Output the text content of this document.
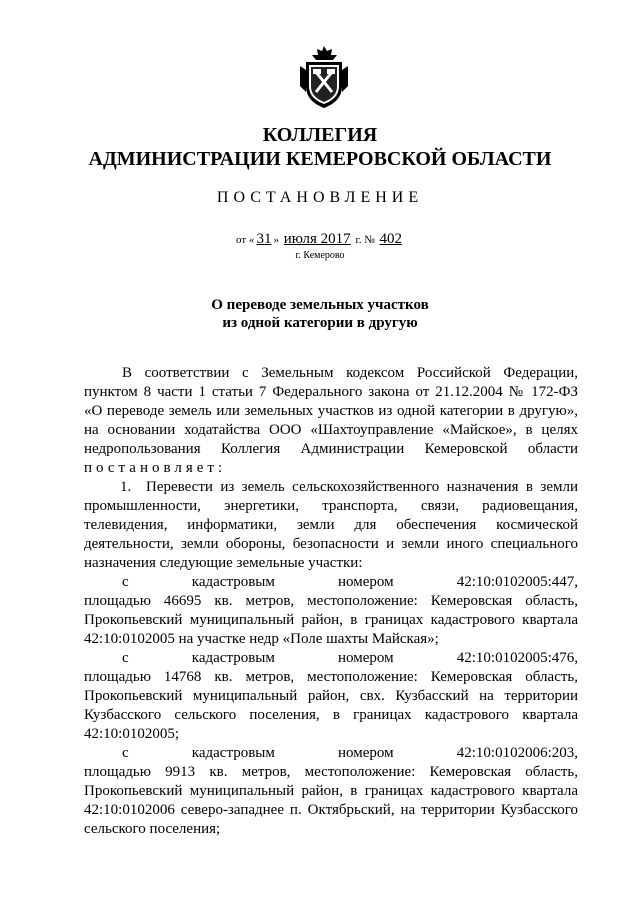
КОЛЛЕГИЯ
АДМИНИСТРАЦИИ КЕМЕРОВСКОЙ ОБЛАСТИ
ПОСТАНОВЛЕНИЕ
от « 31 » июля 2017 г. № 402
г. Кемерово
О переводе земельных участков
из одной категории в другую

В соответствии с Земельным кодексом Российской Федерации,

пунктом 8 части 1 статьи 7 Федерального закона от 21.12.2004 № 172-ФЗ

«О переводе земель или земельных участков из одной категории в другую»,

на основании ходатайства ООО «Шахтоуправление «Майское», в целях

недропользования Коллегия Администрации Кемеровской области

постановляет:

1. Перевести из земель сельскохозяйственного назначения в земли

промышленности, энергетики, транспорта, связи, радиовещания, телевидения, информатики, земли для обеспечения космической деятельности, земли обороны, безопасности и земли иного специального назначения следующие земельные участки:

с кадастровым номером 42:10:0102005:447,

площадью 46695 кв. метров, местоположение: Кемеровская область, Прокопьевский муниципальный район, в границах кадастрового квартала 42:10:0102005 на участке недр «Поле шахты Майская»;

с кадастровым номером 42:10:0102005:476,

площадью 14768 кв. метров, местоположение: Кемеровская область, Прокопьевский муниципальный район, свх. Кузбасский на территории Кузбасского сельского поселения, в границах кадастрового квартала 42:10:0102005;

с кадастровым номером 42:10:0102006:203,

площадью 9913 кв. метров, местоположение: Кемеровская область, Прокопьевский муниципальный район, в границах кадастрового квартала 42:10:0102006 северо-западнее п. Октябрьский, на территории Кузбасского сельского поселения;
